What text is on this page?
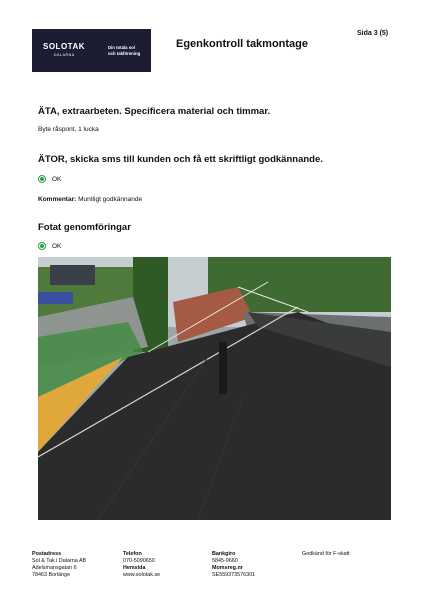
SOLOTAK
DALARNA
Din totala sol
och takförening
Egenkontroll takmontage
Sida 3 (5)
ÄTA, extraarbeten. Specificera material och timmar.
Byte råspont, 1 lucka
ÄTOR, skicka sms till kunden och få ett skriftligt godkännande.
OK
Kommentar: Muntligt godkännande
Fotat genomföringar
OK
Postadress
Sol & Tak i Dalarna AB
Adelsmansgatan 6
78463 Borlänge
Telefon
070-5090650
Hemsida
www.solotak.se
Bankgiro
5845-9660
Momsreg.nr
SE559373576301
Godkänd för F-skatt
